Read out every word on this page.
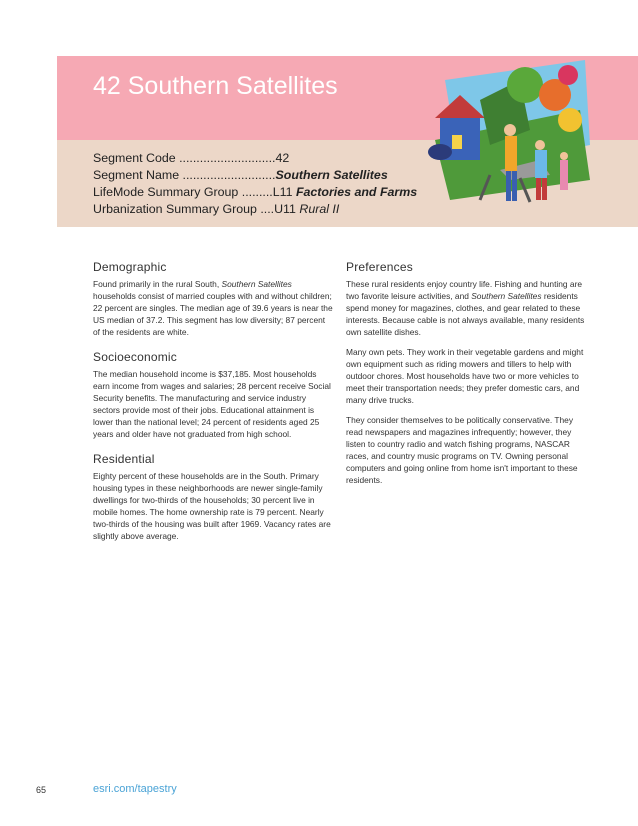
42 Southern Satellites
Segment Code ............................42
Segment Name ...........................Southern Satellites
LifeMode Summary Group .........L11 Factories and Farms
Urbanization Summary Group ....U11 Rural II
Demographic

Found primarily in the rural South, Southern Satellites households consist of married couples with and without children; 22 percent are singles. The median age of 39.6 years is near the US median of 37.2. This segment has low diversity; 87 percent of the residents are white.

Socioeconomic

The median household income is $37,185. Most households earn income from wages and salaries; 28 percent receive Social Security benefits. The manufacturing and service industry sectors provide most of their jobs. Educational attainment is lower than the national level; 24 percent of residents aged 25 years and older have not graduated from high school.

Residential

Eighty percent of these households are in the South. Primary housing types in these neighborhoods are newer single-family dwellings for two-thirds of the households; 30 percent live in mobile homes. The home ownership rate is 79 percent. Nearly two-thirds of the housing was built after 1969. Vacancy rates are slightly above average.

Preferences

These rural residents enjoy country life. Fishing and hunting are two favorite leisure activities, and Southern Satellites residents spend money for magazines, clothes, and gear related to these interests. Because cable is not always available, many residents own satellite dishes.

Many own pets. They work in their vegetable gardens and might own equipment such as riding mowers and tillers to help with outdoor chores. Most households have two or more vehicles to meet their transportation needs; they prefer domestic cars, and many drive trucks.

They consider themselves to be politically conservative. They read newspapers and magazines infrequently; however, they listen to country radio and watch fishing programs, NASCAR races, and country music programs on TV. Owning personal computers and going online from home isn't important to these residents.

65	esri.com/tapestry
